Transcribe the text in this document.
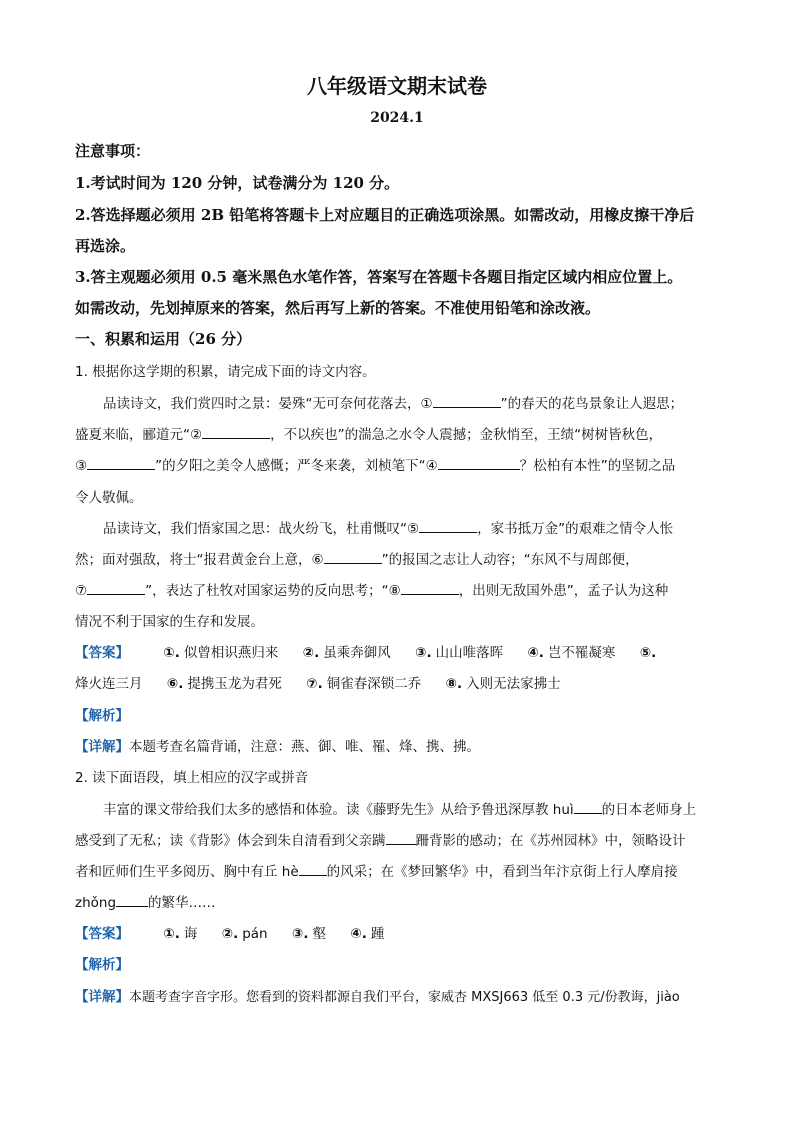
八年级语文期末试卷
2024.1
注意事项：
1.考试时间为 120 分钟，试卷满分为 120 分。
2.答选择题必须用 2B 铅笔将答题卡上对应题目的正确选项涂黑。如需改动，用橡皮擦干净后
再选涂。
3.答主观题必须用 0.5 毫米黑色水笔作答，答案写在答题卡各题目指定区域内相应位置上。
如需改动，先划掉原来的答案，然后再写上新的答案。不准使用铅笔和涂改液。
一、积累和运用（26 分）
1. 根据你这学期的积累，请完成下面的诗文内容。
品读诗文，我们赏四时之景：晏殊“无可奈何花落去，①	”的春天的花鸟景象让人遐思；
盛夏来临，郦道元“②	，不以疾也”的湍急之水令人震撼；金秋悄至，王绩“树树皆秋色，
③	”的夕阳之美令人感慨；严冬来袭，刘桢笔下“④	？松柏有本性”的坚韧之品
令人敬佩。
品读诗文，我们悟家国之思：战火纷飞，杜甫慨叹“⑤	，家书抵万金”的艰难之情令人怅
然；面对强敌，将士“报君黄金台上意，⑥	”的报国之志让人动容；“东风不与周郎便，
⑦	”，表达了杜牧对国家运势的反向思考；“⑧	，出则无敌国外患”，孟子认为这种
情况不利于国家的生存和发展。
【答案】	①. 似曾相识燕归来 ②. 虽乘奔御风 ③. 山山唯落晖 ④. 岂不罹凝寒 ⑤.
烽火连三月 ⑥. 提携玉龙为君死 ⑦. 铜雀春深锁二乔 ⑧. 入则无法家拂士
【解析】
【详解】本题考查名篇背诵，注意：燕、御、唯、罹、烽、携、拂。
2. 读下面语段，填上相应的汉字或拼音
丰富的课文带给我们太多的感悟和体验。读《藤野先生》从给予鲁迅深厚教 huì 的日本老师身上
感受到了无私；读《背影》体会到朱自清看到父亲蹒 跚背影的感动；在《苏州园林》中，领略设计
者和匠师们生平多阅历、胸中有丘 hè 的风采；在《梦回繁华》中，看到当年汴京街上行人摩肩接
zhǒng 的繁华……
【答案】	①. 诲 ②. pán ③. 壑 ④. 踵
【解析】
【详解】本题考查字音字形。您看到的资料都源自我们平台，家威杏 MXSJ663 低至 0.3 元/份教诲，jiào
